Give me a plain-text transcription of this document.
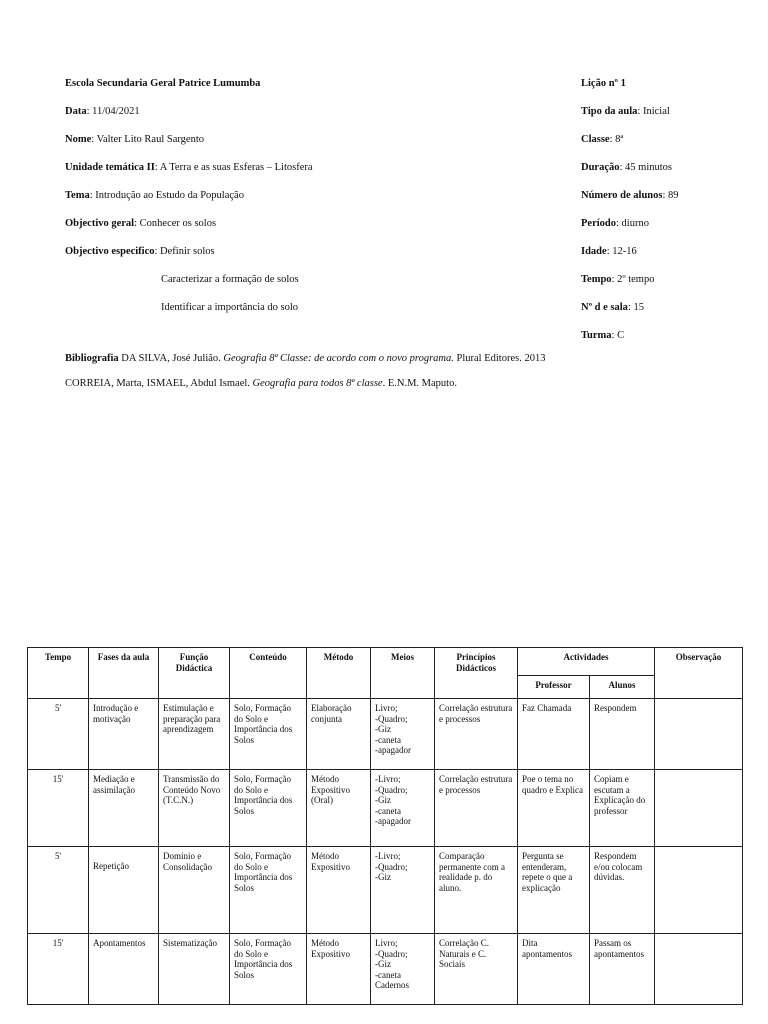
Escola Secundaria Geral Patrice Lumumba
Data: 11/04/2021
Nome: Valter Lito Raul Sargento
Unidade temática II: A Terra e as suas Esferas – Litosfera
Tema: Introdução ao Estudo da População
Objectivo geral: Conhecer os solos
Objectivo especifico: Definir solos
Caracterizar a formação de solos
Identificar a importância do solo
Lição nº 1
Tipo da aula: Inicial
Classe: 8ª
Duração: 45 minutos
Número de alunos: 89
Período: diurno
Idade: 12-16
Tempo: 2º tempo
Nº d e sala: 15
Turma: C
Bibliografia DA SILVA, José Julião. Geografia 8ª Classe: de acordo com o novo programa. Plural Editores. 2013
CORREIA, Marta, ISMAEL, Abdul Ismael. Geografia para todos 8ª classe. E.N.M. Maputo.
Tempo	Fases da aula	Função Didáctica	Conteúdo	Método	Meios	Princípios Didácticos	Actividades		Observação
							Professor	Alunos	
5'	Introdução e motivação	Estimulação e preparação para aprendizagem	Solo, Formação do Solo e Importância dos Solos	Elaboração conjunta	Livro;
-Quadro;
-Giz
-caneta
-apagador	Correlação estrutura e processos	Faz Chamada	Respondem	
15'	Mediação e assimilação	Transmissão do Conteúdo Novo (T.C.N.)	Solo, Formação do Solo e Importância dos Solos	Método Expositivo (Oral)	-Livro;
-Quadro;
-Giz
-caneta
-apagador	Correlação estrutura e processos	Poe o tema no quadro e Explica	Copiam e escutam a Explicação do professor	
5'	Repetição	Domínio e Consolidação	Solo, Formação do Solo e Importância dos Solos	Método Expositivo	-Livro;
-Quadro;
-Giz	Comparação permanente com a realidade p. do aluno.	Pergunta se entenderam, repete o que a explicação	Respondem e/ou colocam dúvidas.	
15'	Apontamentos	Sistematização	Solo, Formação do Solo e Importância dos Solos	Método Expositivo	Livro;
-Quadro;
-Giz
-caneta
Cadernos	Correlação C. Naturais e C. Sociais	Dita apontamentos	Passam os apontamentos	
